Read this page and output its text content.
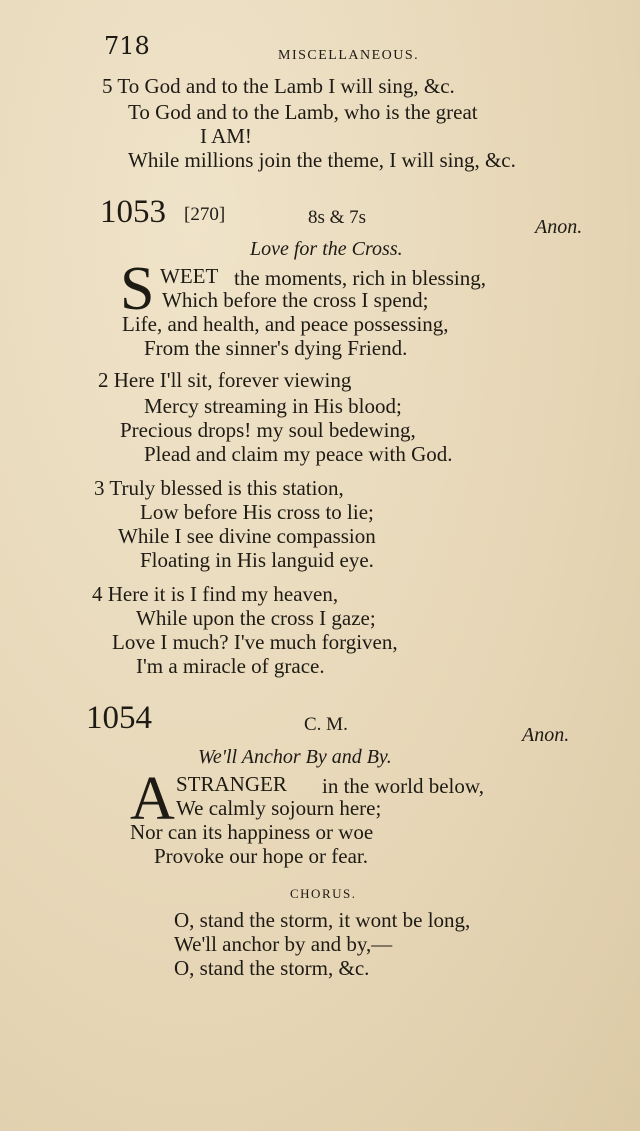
718	MISCELLANEOUS.
5 To God and to the Lamb I will sing, &c.
To God and to the Lamb, who is the great
I AM!
While millions join the theme, I will sing, &c.
1053 [270]	8s & 7s	Anon.
Love for the Cross.
S WEET the moments, rich in blessing,
Which before the cross I spend;
Life, and health, and peace possessing,
From the sinner's dying Friend.
2 Here I'll sit, forever viewing
Mercy streaming in His blood;
Precious drops! my soul bedewing,
Plead and claim my peace with God.
3 Truly blessed is this station,
Low before His cross to lie;
While I see divine compassion
Floating in His languid eye.
4 Here it is I find my heaven,
While upon the cross I gaze;
Love I much? I've much forgiven,
I'm a miracle of grace.
1054	C. M.	Anon.
We'll Anchor By and By.
A STRANGER in the world below,
We calmly sojourn here;
Nor can its happiness or woe
Provoke our hope or fear.
CHORUS.
O, stand the storm, it wont be long,
We'll anchor by and by,—
O, stand the storm, &c.
